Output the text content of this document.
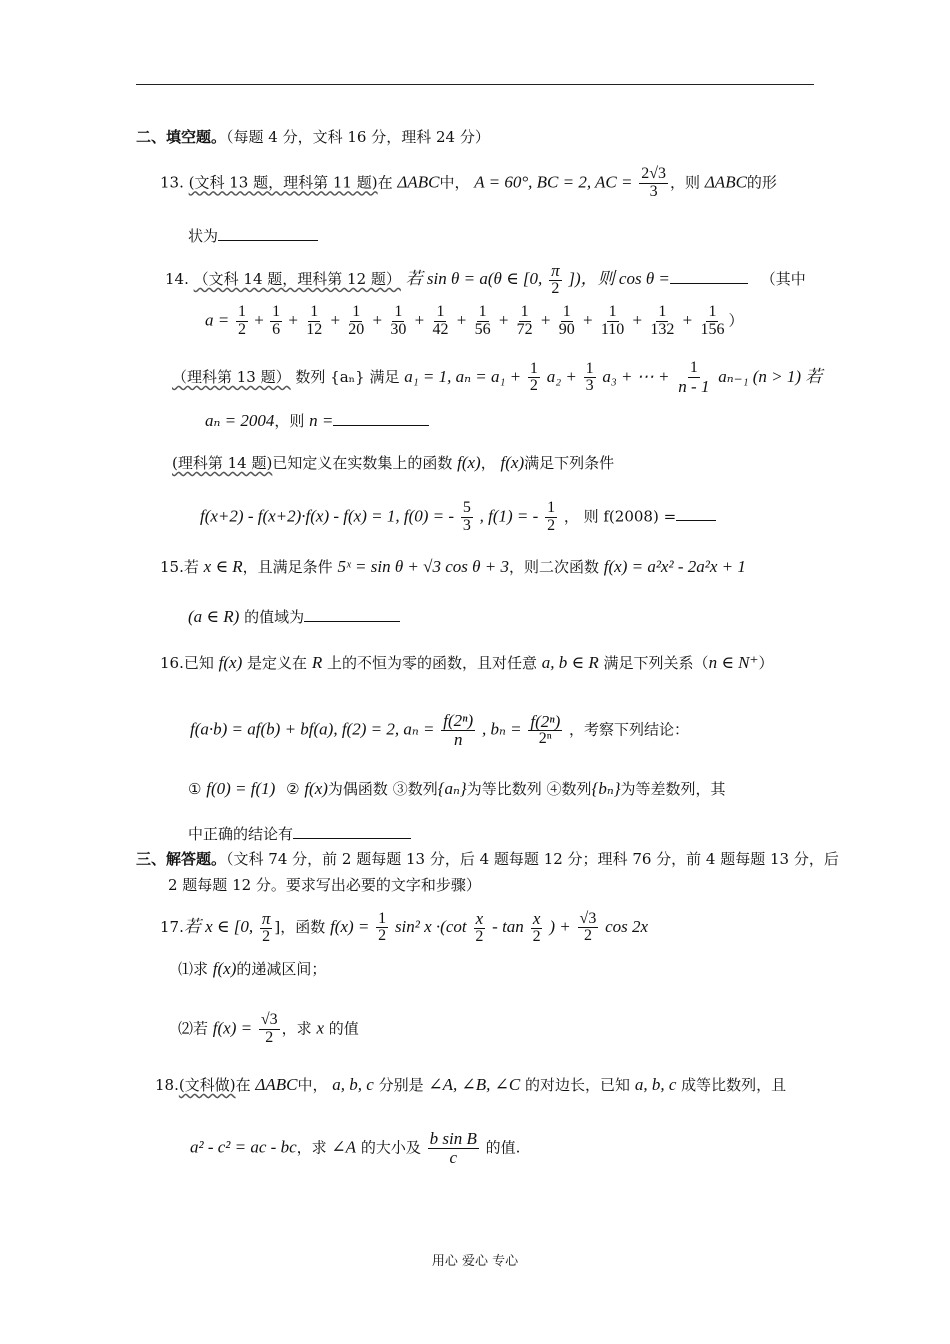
二、填空题。（每题 4 分，文科 16 分，理科 24 分）
13. (文科 13 题，理科第 11 题)在 ΔABC中， A = 60°, BC = 2, AC = $\frac{2√3}{3}$ ，则 ΔABC的形
状为
14. （文科 14 题，理科第 12 题） 若 sin θ = a(θ ∈ [0, $\frac{\pi}{2}$ ])，则 cos θ =	（其中
$a = \frac{1}{2} + \frac{1}{6} + \frac{1}{12} + \frac{1}{20} + \frac{1}{30} + \frac{1}{42} + \frac{1}{56} + \frac{1}{72} + \frac{1}{90} + \frac{1}{110} + \frac{1}{132} + \frac{1}{156}$ ）
（理科第 13 题） 数列 {aₙ} 满足 a₁ = 1, $a_n = a_1 + \frac{1}{2} a_2 + \frac{1}{3} a_3$ + ⋯ + $\frac{1}{n - 1} a_{n-1}$ (n > 1) 若
aₙ = 2004，则 n =
(理科第 14 题)已知定义在实数集上的函数 f(x)， f(x)满足下列条件
f(x+2) - f(x+2)·f(x) - f(x) = 1, f(0) = - $\frac{5}{3}$ , f(1) = - $\frac{1}{2}$ ， 则 f(2008) =
15.若 x ∈ R，且满足条件 5ˣ = sin θ + √3 cos θ + 3，则二次函数 f(x) = a²x² - 2a²x + 1
(a ∈ R) 的值域为
16.已知 f(x) 是定义在 R 上的不恒为零的函数，且对任意 a, b ∈ R 满足下列关系（n ∈ N⁺）
f(a·b) = af(b) + bf(a), f(2) = 2, $a_n = \frac{\text{f(2ⁿ)}}{n}$ , $b_n = \frac{\text{f(2ⁿ)}}{\text{2ⁿ}}$ ，考察下列结论：
① f(0) = f(1) ② f(x)为偶函数 ③数列{aₙ}为等比数列 ④数列{bₙ}为等差数列，其
中正确的结论有
三、解答题。（文科 74 分，前 2 题每题 13 分，后 4 题每题 12 分；理科 76 分，前 4 题每题 13 分，后
2 题每题 12 分。要求写出必要的文字和步骤）
17.若 x ∈ [0, $\frac{\pi}{2}$ ]，函数 $f(x) = \frac{1}{2} \sin^2$ $x \cdot(\cot \frac{x}{2} - \tan \frac{x}{2}$ ) + $\frac{√3}{2}$ cos 2x
⑴求 f(x)的递减区间；
⑵若 $f(x) = \frac{√3}{2}$ ，求 x 的值
18.(文科做)在 ΔABC中， a, b, c 分别是 ∠A, ∠B, ∠C 的对边长，已知 a, b, c 成等比数列，且
a² - c² = ac - bc，求 ∠A 的大小及 $\frac{\text{b sin B}}{c}$ 的值.
用心 爱心 专心
